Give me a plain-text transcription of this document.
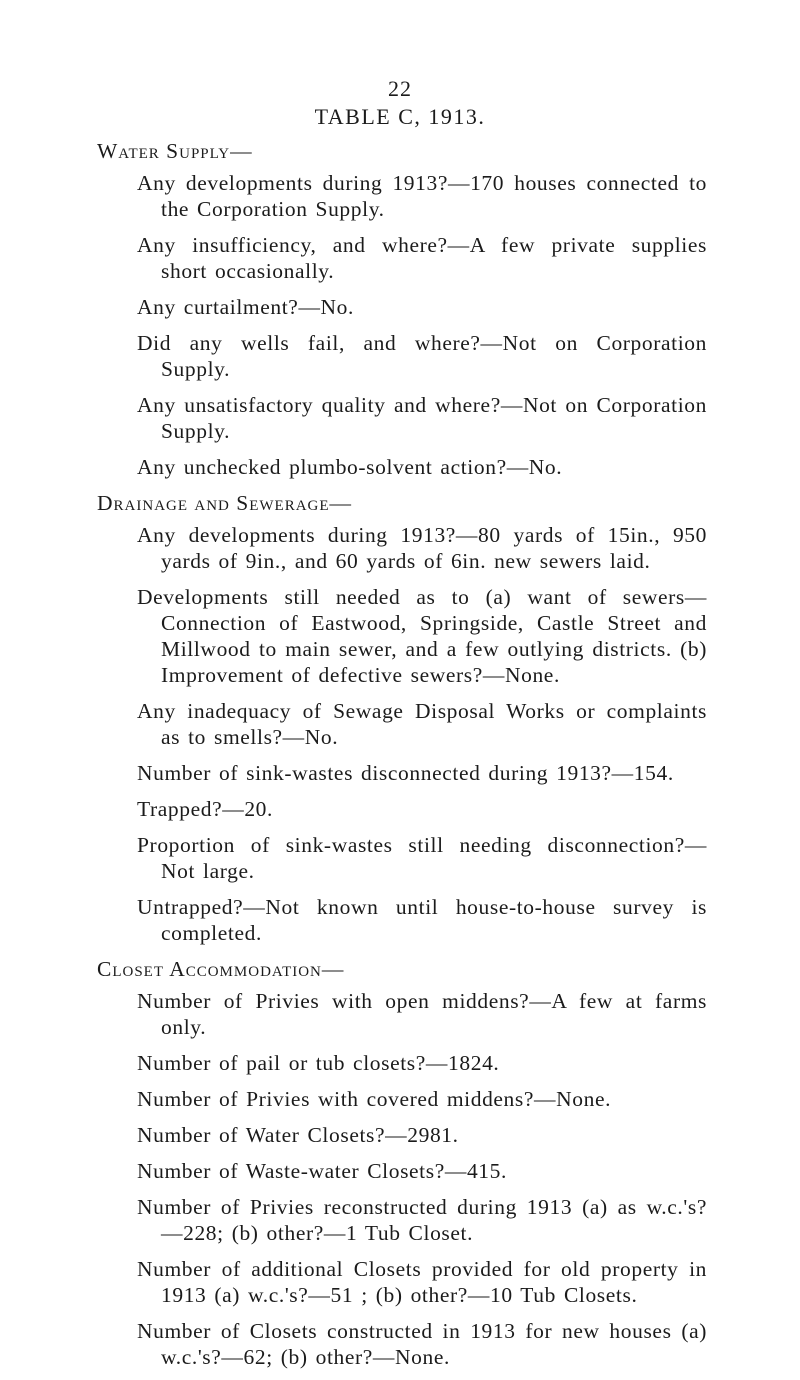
22
TABLE C, 1913.
Water Supply—

Any developments during 1913?—170 houses connected to the Corporation Supply.

Any insufficiency, and where?—A few private supplies short occasionally.

Any curtailment?—No.

Did any wells fail, and where?—Not on Corporation Supply.

Any unsatisfactory quality and where?—Not on Corporation Supply.

Any unchecked plumbo-solvent action?—No.

Drainage and Sewerage—

Any developments during 1913?—80 yards of 15in., 950 yards of 9in., and 60 yards of 6in. new sewers laid.

Developments still needed as to (a) want of sewers—Connection of Eastwood, Springside, Castle Street and Millwood to main sewer, and a few outlying districts. (b) Improvement of defective sewers?—None.

Any inadequacy of Sewage Disposal Works or complaints as to smells?—No.

Number of sink-wastes disconnected during 1913?—154.

Trapped?—20.

Proportion of sink-wastes still needing disconnection?— Not large.

Untrapped?—Not known until house-to-house survey is completed.

Closet Accommodation—

Number of Privies with open middens?—A few at farms only.

Number of pail or tub closets?—1824.

Number of Privies with covered middens?—None.

Number of Water Closets?—2981.

Number of Waste-water Closets?—415.

Number of Privies reconstructed during 1913 (a) as w.c.'s?—228; (b) other?—1 Tub Closet.

Number of additional Closets provided for old property in 1913 (a) w.c.'s?—51 ; (b) other?—10 Tub Closets.

Number of Closets constructed in 1913 for new houses (a) w.c.'s?—62; (b) other?—None.
